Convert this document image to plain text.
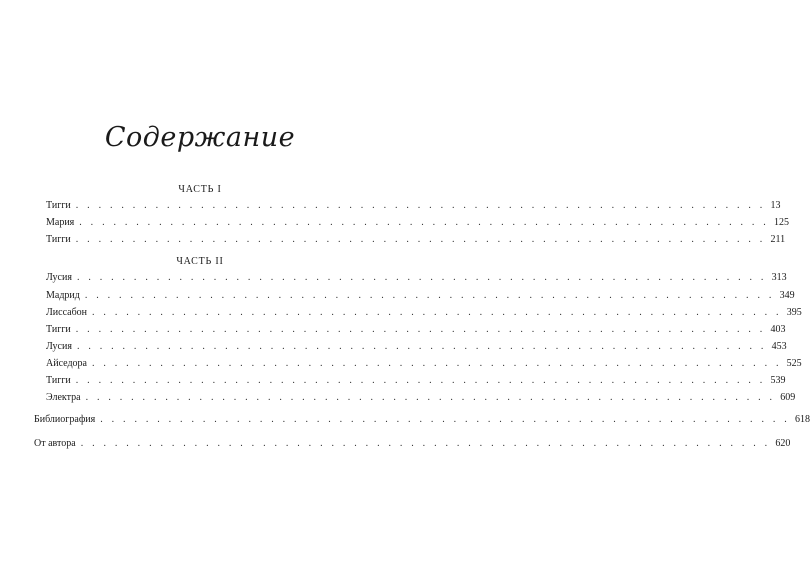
Содержание
ЧАСТЬ I
Тигги . . . . . . . . . . . . . . . . . . . . . . . . . . . . . . . . . . . . . . . . . . . . . . . . . . . . . . . . . . . . . 13
Мария . . . . . . . . . . . . . . . . . . . . . . . . . . . . . . . . . . . . . . . . . . . . . . . . . . . . . . . . . . . . . 125
Тигги . . . . . . . . . . . . . . . . . . . . . . . . . . . . . . . . . . . . . . . . . . . . . . . . . . . . . . . . . . . . . 211
ЧАСТЬ II
Лусия . . . . . . . . . . . . . . . . . . . . . . . . . . . . . . . . . . . . . . . . . . . . . . . . . . . . . . . . . . . . . 313
Мадрид . . . . . . . . . . . . . . . . . . . . . . . . . . . . . . . . . . . . . . . . . . . . . . . . . . . . . . . . . . . . . 349
Лиссабон . . . . . . . . . . . . . . . . . . . . . . . . . . . . . . . . . . . . . . . . . . . . . . . . . . . . . . . . . . . . . 395
Тигги . . . . . . . . . . . . . . . . . . . . . . . . . . . . . . . . . . . . . . . . . . . . . . . . . . . . . . . . . . . . . 403
Лусия . . . . . . . . . . . . . . . . . . . . . . . . . . . . . . . . . . . . . . . . . . . . . . . . . . . . . . . . . . . . . 453
Айседора . . . . . . . . . . . . . . . . . . . . . . . . . . . . . . . . . . . . . . . . . . . . . . . . . . . . . . . . . . . . . 525
Тигги . . . . . . . . . . . . . . . . . . . . . . . . . . . . . . . . . . . . . . . . . . . . . . . . . . . . . . . . . . . . . 539
Электра . . . . . . . . . . . . . . . . . . . . . . . . . . . . . . . . . . . . . . . . . . . . . . . . . . . . . . . . . . . . . 609
Библиография . . . . . . . . . . . . . . . . . . . . . . . . . . . . . . . . . . . . . . . . . . . . . . . . . . . . . . . . . . . . . 618
От автора . . . . . . . . . . . . . . . . . . . . . . . . . . . . . . . . . . . . . . . . . . . . . . . . . . . . . . . . . . . . . 620
